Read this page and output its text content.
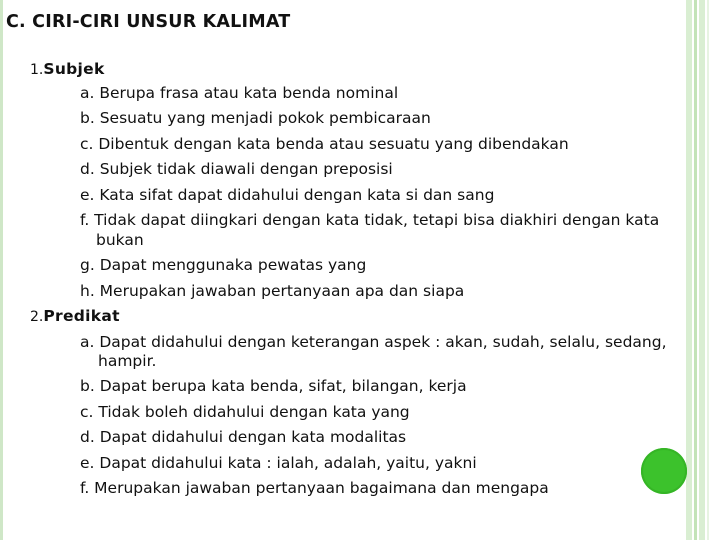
C. CIRI-CIRI UNSUR KALIMAT
1.Subjek
a. Berupa frasa atau kata benda nominal
b. Sesuatu yang menjadi pokok pembicaraan
c. Dibentuk dengan kata benda atau sesuatu yang dibendakan
d. Subjek tidak diawali dengan preposisi
e. Kata sifat dapat didahului dengan kata si dan sang
f. Tidak dapat diingkari dengan kata tidak, tetapi bisa diakhiri dengan kata
bukan
g. Dapat menggunaka pewatas yang
h. Merupakan jawaban pertanyaan apa dan siapa
2.Predikat
a. Dapat didahului dengan keterangan aspek : akan, sudah, selalu, sedang,
hampir.
b. Dapat berupa kata benda, sifat, bilangan, kerja
c. Tidak boleh didahului dengan kata yang
d. Dapat didahului dengan kata modalitas
e. Dapat didahului kata : ialah, adalah, yaitu, yakni
f. Merupakan jawaban pertanyaan bagaimana dan mengapa
